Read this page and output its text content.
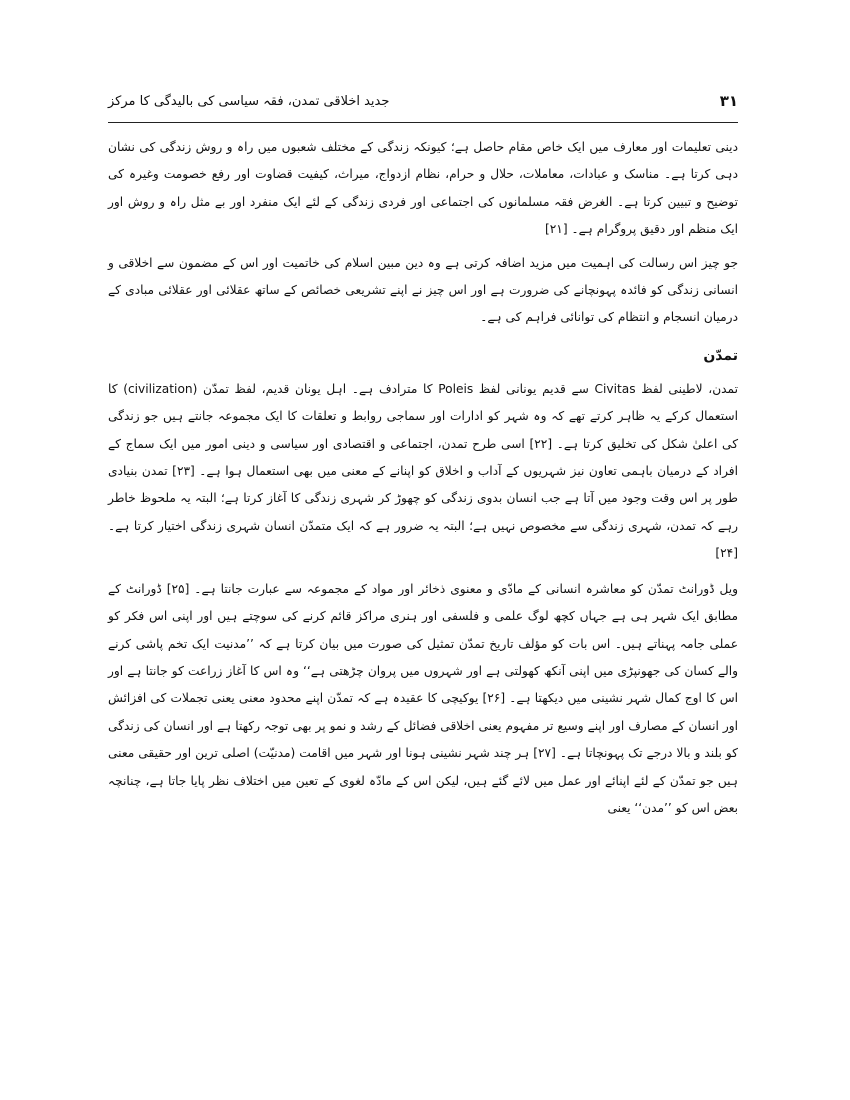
۳۱
جدید اخلاقی تمدن، فقہ سیاسی کی بالیدگی کا مرکز

دینی تعلیمات اور معارف میں ایک خاص مقام حاصل ہے؛ کیونکہ زندگی کے مختلف شعبوں میں راہ و روش زندگی کی نشان دہی کرتا ہے۔ مناسک و عبادات، معاملات، حلال و حرام، نظام ازدواج، میراث، کیفیت قضاوت اور رفع خصومت وغیرہ کی توضیح و تبیین کرتا ہے۔ الغرض فقہ مسلمانوں کی اجتماعی اور فردی زندگی کے لئے ایک منفرد اور بے مثل راہ و روش اور ایک منظم اور دقیق پروگرام ہے۔ [۲۱]

جو چیز اس رسالت کی اہمیت میں مزید اضافہ کرتی ہے وہ دین مبین اسلام کی خاتمیت اور اس کے مضمون سے اخلاقی و انسانی زندگی کو فائدہ پہونچانے کی ضرورت ہے اور اس چیز نے اپنے تشریعی خصائص کے ساتھ عقلائی اور عقلائی مبادی کے درمیان انسجام و انتظام کی توانائی فراہم کی ہے۔

تمدّن

تمدن، لاطینی لفظ Civitas سے قدیم یونانی لفظ Poleis کا مترادف ہے۔ اہل یونان قدیم، لفظ تمدّن (civilization) کا استعمال کرکے یہ ظاہر کرتے تھے کہ وہ شہر کو ادارات اور سماجی روابط و تعلقات کا ایک مجموعہ جانتے ہیں جو زندگی کی اعلیٰ شکل کی تخلیق کرتا ہے۔ [۲۲] اسی طرح تمدن، اجتماعی و اقتصادی اور سیاسی و دینی امور میں ایک سماج کے افراد کے درمیان باہمی تعاون نیز شہریوں کے آداب و اخلاق کو اپنانے کے معنی میں بھی استعمال ہوا ہے۔ [۲۳] تمدن بنیادی طور پر اس وقت وجود میں آتا ہے جب انسان بدوی زندگی کو چھوڑ کر شہری زندگی کا آغاز کرتا ہے؛ البتہ یہ ملحوظ خاطر رہے کہ تمدن، شہری زندگی سے مخصوص نہیں ہے؛ البتہ یہ ضرور ہے کہ ایک متمدّن انسان شہری زندگی اختیار کرتا ہے۔ [۲۴]

ویل ڈورانٹ تمدّن کو معاشرہ انسانی کے مادّی و معنوی ذخائر اور مواد کے مجموعہ سے عبارت جانتا ہے۔ [۲۵] ڈورانٹ کے مطابق ایک شہر ہی ہے جہاں کچھ لوگ علمی و فلسفی اور ہنری مراکز قائم کرنے کی سوچتے ہیں اور اپنی اس فکر کو عملی جامہ پہناتے ہیں۔ اس بات کو مؤلف تاریخ تمدّن تمثیل کی صورت میں بیان کرتا ہے کہ ’’مدنیت ایک تخم پاشی کرنے والے کسان کی جھونپڑی میں اپنی آنکھ کھولتی ہے اور شہروں میں پروان چڑھتی ہے‘‘ وہ اس کا آغاز زراعت کو جانتا ہے اور اس کا اوج کمال شہر نشینی میں دیکھتا ہے۔ [۲۶] یوکیچی کا عقیدہ ہے کہ تمدّن اپنے محدود معنی یعنی تجملات کی افزائش اور انسان کے مصارف اور اپنے وسیع تر مفہوم یعنی اخلاقی فضائل کے رشد و نمو پر بھی توجہ رکھتا ہے اور انسان کی زندگی کو بلند و بالا درجے تک پہونچاتا ہے۔ [۲۷] ہر چند شہر نشینی ہونا اور شہر میں اقامت (مدنیّت) اصلی ترین اور حقیقی معنی ہیں جو تمدّن کے لئے اپنائے اور عمل میں لائے گئے ہیں، لیکن اس کے مادّہ لغوی کے تعین میں اختلاف نظر پایا جاتا ہے، چنانچہ بعض اس کو ’’مدن‘‘ یعنی
